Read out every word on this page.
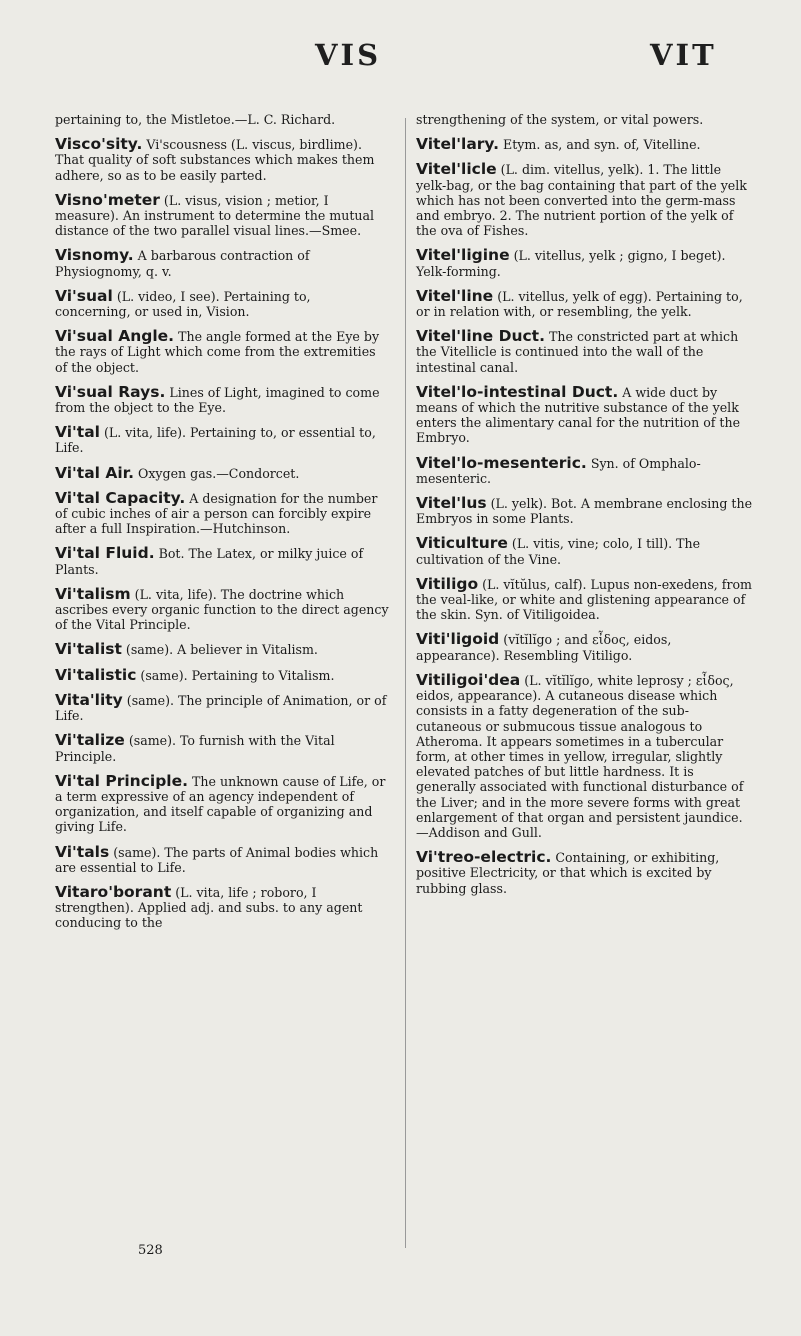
VIS	VIT

pertaining to, the Mistletoe.—L. C. Richard.

Visco'sity. Vi'scousness (L. viscus, birdlime). That quality of soft substances which makes them adhere, so as to be easily parted.

Visno'meter (L. visus, vision ; metior, I measure). An instrument to determine the mutual distance of the two parallel visual lines.—Smee.

Visnomy. A barbarous contraction of Physiognomy, q. v.

Vi'sual (L. video, I see). Pertaining to, concerning, or used in, Vision.

Vi'sual Angle. The angle formed at the Eye by the rays of Light which come from the extremities of the object.

Vi'sual Rays. Lines of Light, imagined to come from the object to the Eye.

Vi'tal (L. vita, life). Pertaining to, or essential to, Life.

Vi'tal Air. Oxygen gas.—Condorcet.

Vi'tal Capacity. A designation for the number of cubic inches of air a person can forcibly expire after a full Inspiration.—Hutchinson.

Vi'tal Fluid. Bot. The Latex, or milky juice of Plants.

Vi'talism (L. vita, life). The doctrine which ascribes every organic function to the direct agency of the Vital Principle.

Vi'talist (same). A believer in Vitalism.

Vi'talistic (same). Pertaining to Vitalism.

Vita'lity (same). The principle of Animation, or of Life.

Vi'talize (same). To furnish with the Vital Principle.

Vi'tal Principle. The unknown cause of Life, or a term expressive of an agency independent of organization, and itself capable of organizing and giving Life.

Vi'tals (same). The parts of Animal bodies which are essential to Life.

Vitaro'borant (L. vita, life ; roboro, I strengthen). Applied adj. and subs. to any agent conducing to the

strengthening of the system, or vital powers.

Vitel'lary. Etym. as, and syn. of, Vitelline.

Vitel'licle (L. dim. vitellus, yelk). 1. The little yelk-bag, or the bag containing that part of the yelk which has not been converted into the germ-mass and embryo. 2. The nutrient portion of the yelk of the ova of Fishes.

Vitel'ligine (L. vitellus, yelk ; gigno, I beget). Yelk-forming.

Vitel'line (L. vitellus, yelk of egg). Pertaining to, or in relation with, or resembling, the yelk.

Vitel'line Duct. The constricted part at which the Vitellicle is continued into the wall of the intestinal canal.

Vitel'lo-intestinal Duct. A wide duct by means of which the nutritive substance of the yelk enters the alimentary canal for the nutrition of the Embryo.

Vitel'lo-mesenteric. Syn. of Omphalo-mesenteric.

Vitel'lus (L. yelk). Bot. A membrane enclosing the Embryos in some Plants.

Viticulture (L. vitis, vine; colo, I till). The cultivation of the Vine.

Vitiligo (L. vĭtŭlus, calf). Lupus non-exedens, from the veal-like, or white and glistening appearance of the skin. Syn. of Vitiligoidea.

Viti'ligoid (vĭtĭlĭgo ; and εἶδος, eidos, appearance). Resembling Vitiligo.

Vitiligoi'dea (L. vĭtĭlĭgo, white leprosy ; εἶδος, eidos, appearance). A cutaneous disease which consists in a fatty degeneration of the sub-cutaneous or submucous tissue analogous to Atheroma. It appears sometimes in a tubercular form, at other times in yellow, irregular, slightly elevated patches of but little hardness. It is generally associated with functional disturbance of the Liver; and in the more severe forms with great enlargement of that organ and persistent jaundice.—Addison and Gull.

Vi'treo-electric. Containing, or exhibiting, positive Electricity, or that which is excited by rubbing glass.

528
